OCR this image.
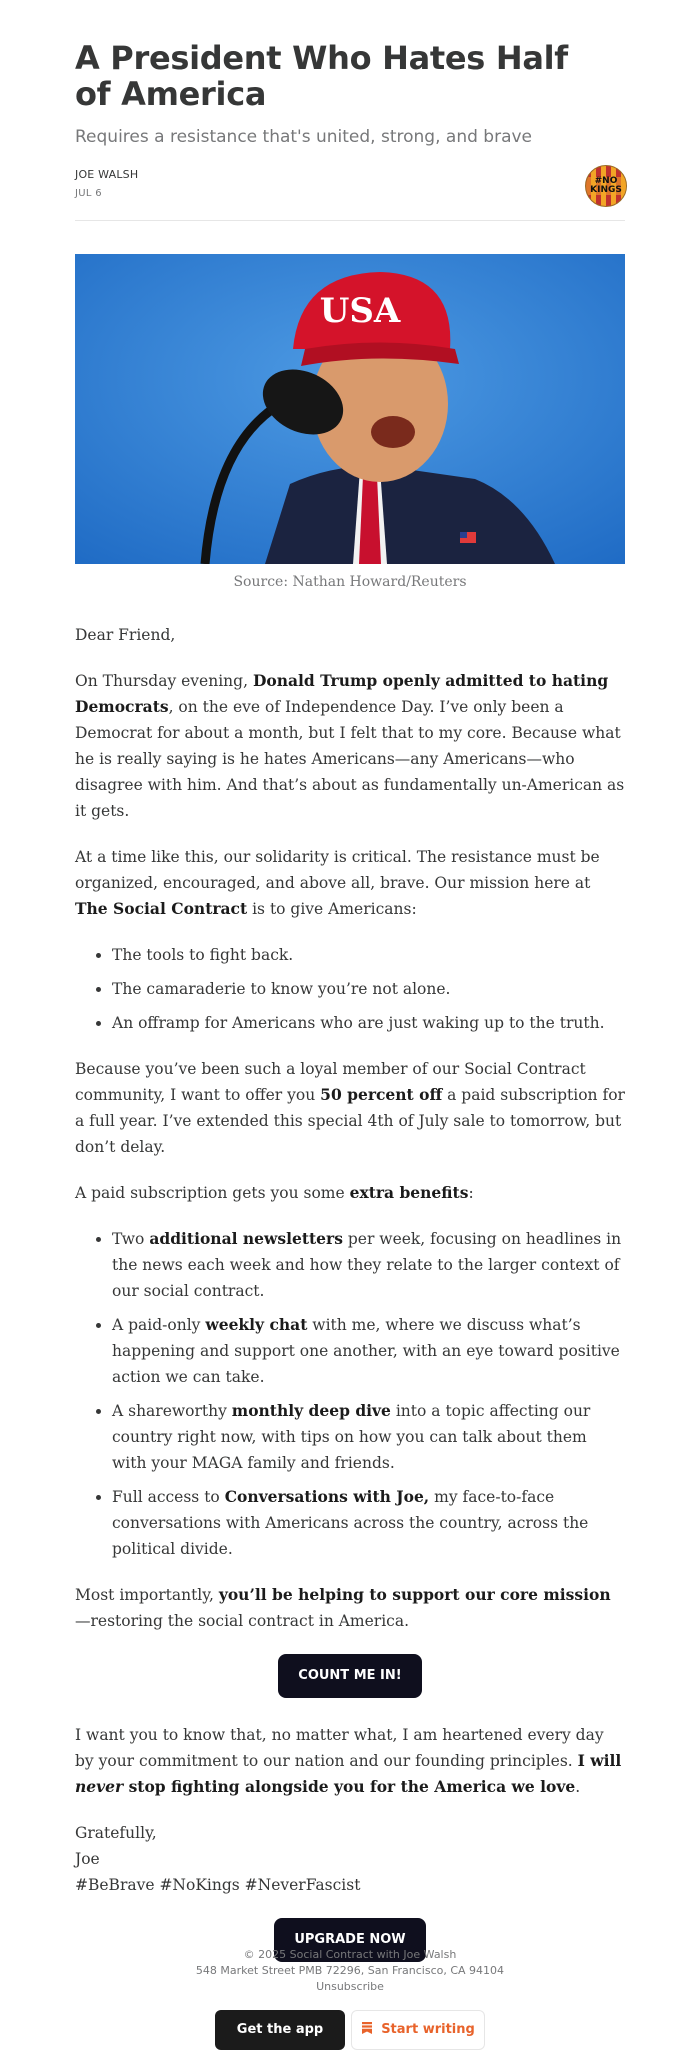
A President Who Hates Half of America
Requires a resistance that's united, strong, and brave
JOE WALSH
JUL 6
#NO KINGS
USA
Source: Nathan Howard/Reuters

Dear Friend,

On Thursday evening, Donald Trump openly admitted to hating Democrats, on the eve of Independence Day. I’ve only been a Democrat for about a month, but I felt that to my core. Because what he is really saying is he hates Americans—any Americans—who disagree with him. And that’s about as fundamentally un-American as it gets.

At a time like this, our solidarity is critical. The resistance must be organized, encouraged, and above all, brave. Our mission here at The Social Contract is to give Americans:

• The tools to fight back.
• The camaraderie to know you’re not alone.
• An offramp for Americans who are just waking up to the truth.

Because you’ve been such a loyal member of our Social Contract community, I want to offer you 50 percent off a paid subscription for a full year. I’ve extended this special 4th of July sale to tomorrow, but don’t delay.

A paid subscription gets you some extra benefits:

• Two additional newsletters per week, focusing on headlines in the news each week and how they relate to the larger context of our social contract.
• A paid-only weekly chat with me, where we discuss what’s happening and support one another, with an eye toward positive action we can take.
• A shareworthy monthly deep dive into a topic affecting our country right now, with tips on how you can talk about them with your MAGA family and friends.
• Full access to Conversations with Joe, my face-to-face conversations with Americans across the country, across the political divide.

Most importantly, you’ll be helping to support our core mission—restoring the social contract in America.

COUNT ME IN!

I want you to know that, no matter what, I am heartened every day by your commitment to our nation and our founding principles. I will never stop fighting alongside you for the America we love.

Gratefully,
Joe
#BeBrave #NoKings #NeverFascist

UPGRADE NOW
© 2025 Social Contract with Joe Walsh
548 Market Street PMB 72296, San Francisco, CA 94104
Unsubscribe
Get the app	Start writing
